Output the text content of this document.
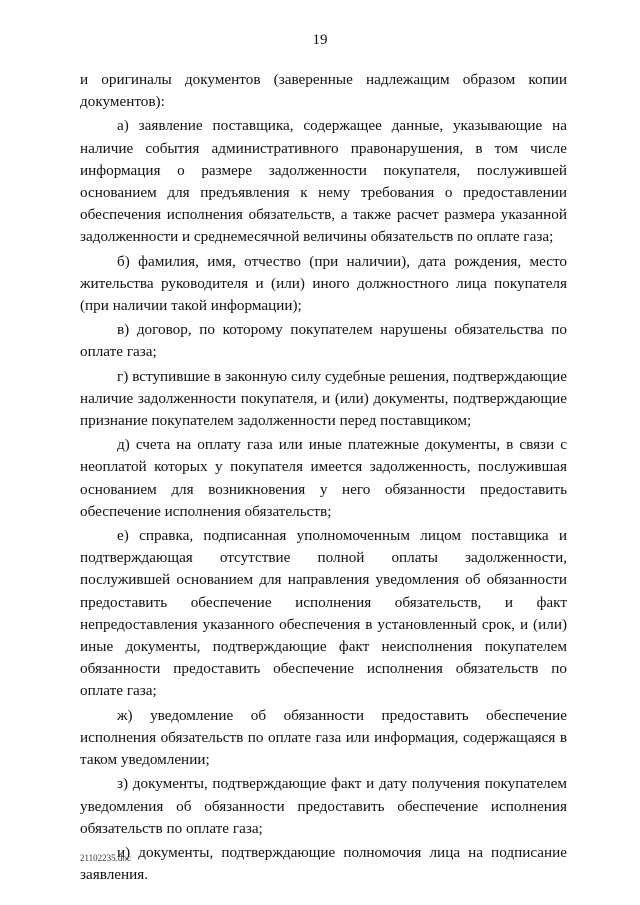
19

и оригиналы документов (заверенные надлежащим образом копии документов):

а) заявление поставщика, содержащее данные, указывающие на наличие события административного правонарушения, в том числе информация о размере задолженности покупателя, послужившей основанием для предъявления к нему требования о предоставлении обеспечения исполнения обязательств, а также расчет размера указанной задолженности и среднемесячной величины обязательств по оплате газа;

б) фамилия, имя, отчество (при наличии), дата рождения, место жительства руководителя и (или) иного должностного лица покупателя (при наличии такой информации);

в) договор, по которому покупателем нарушены обязательства по оплате газа;

г) вступившие в законную силу судебные решения, подтверждающие наличие задолженности покупателя, и (или) документы, подтверждающие признание покупателем задолженности перед поставщиком;

д) счета на оплату газа или иные платежные документы, в связи с неоплатой которых у покупателя имеется задолженность, послужившая основанием для возникновения у него обязанности предоставить обеспечение исполнения обязательств;

е) справка, подписанная уполномоченным лицом поставщика и подтверждающая отсутствие полной оплаты задолженности, послужившей основанием для направления уведомления об обязанности предоставить обеспечение исполнения обязательств, и факт непредоставления указанного обеспечения в установленный срок, и (или) иные документы, подтверждающие факт неисполнения покупателем обязанности предоставить обеспечение исполнения обязательств по оплате газа;

ж) уведомление об обязанности предоставить обеспечение исполнения обязательств по оплате газа или информация, содержащаяся в таком уведомлении;

з) документы, подтверждающие факт и дату получения покупателем уведомления об обязанности предоставить обеспечение исполнения обязательств по оплате газа;

и) документы, подтверждающие полномочия лица на подписание заявления.

21102235.doc
